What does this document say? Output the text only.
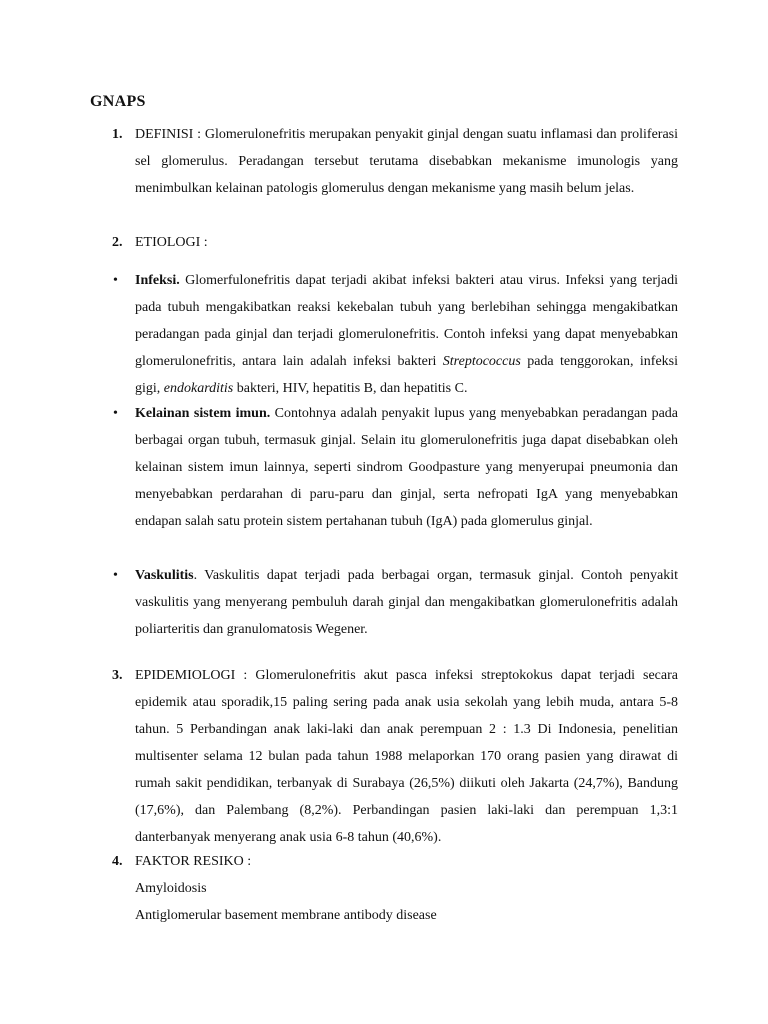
GNAPS
1. DEFINISI : Glomerulonefritis merupakan penyakit ginjal dengan suatu inflamasi dan proliferasi sel glomerulus. Peradangan tersebut terutama disebabkan mekanisme imunologis yang menimbulkan kelainan patologis glomerulus dengan mekanisme yang masih belum jelas.
2. ETIOLOGI :
• Infeksi. Glomerfulonefritis dapat terjadi akibat infeksi bakteri atau virus. Infeksi yang terjadi pada tubuh mengakibatkan reaksi kekebalan tubuh yang berlebihan sehingga mengakibatkan peradangan pada ginjal dan terjadi glomerulonefritis. Contoh infeksi yang dapat menyebabkan glomerulonefritis, antara lain adalah infeksi bakteri Streptococcus pada tenggorokan, infeksi gigi, endokarditis bakteri, HIV, hepatitis B, dan hepatitis C.
• Kelainan sistem imun. Contohnya adalah penyakit lupus yang menyebabkan peradangan pada berbagai organ tubuh, termasuk ginjal. Selain itu glomerulonefritis juga dapat disebabkan oleh kelainan sistem imun lainnya, seperti sindrom Goodpasture yang menyerupai pneumonia dan menyebabkan perdarahan di paru-paru dan ginjal, serta nefropati IgA yang menyebabkan endapan salah satu protein sistem pertahanan tubuh (IgA) pada glomerulus ginjal.
• Vaskulitis. Vaskulitis dapat terjadi pada berbagai organ, termasuk ginjal. Contoh penyakit vaskulitis yang menyerang pembuluh darah ginjal dan mengakibatkan glomerulonefritis adalah poliarteritis dan granulomatosis Wegener.
3. EPIDEMIOLOGI : Glomerulonefritis akut pasca infeksi streptokokus dapat terjadi secara epidemik atau sporadik,15 paling sering pada anak usia sekolah yang lebih muda, antara 5-8 tahun. 5 Perbandingan anak laki-laki dan anak perempuan 2 : 1.3 Di Indonesia, penelitian multisenter selama 12 bulan pada tahun 1988 melaporkan 170 orang pasien yang dirawat di rumah sakit pendidikan, terbanyak di Surabaya (26,5%) diikuti oleh Jakarta (24,7%), Bandung (17,6%), dan Palembang (8,2%). Perbandingan pasien laki-laki dan perempuan 1,3:1 danterbanyak menyerang anak usia 6-8 tahun (40,6%).
4. FAKTOR RESIKO :
Amyloidosis
Antiglomerular basement membrane antibody disease
